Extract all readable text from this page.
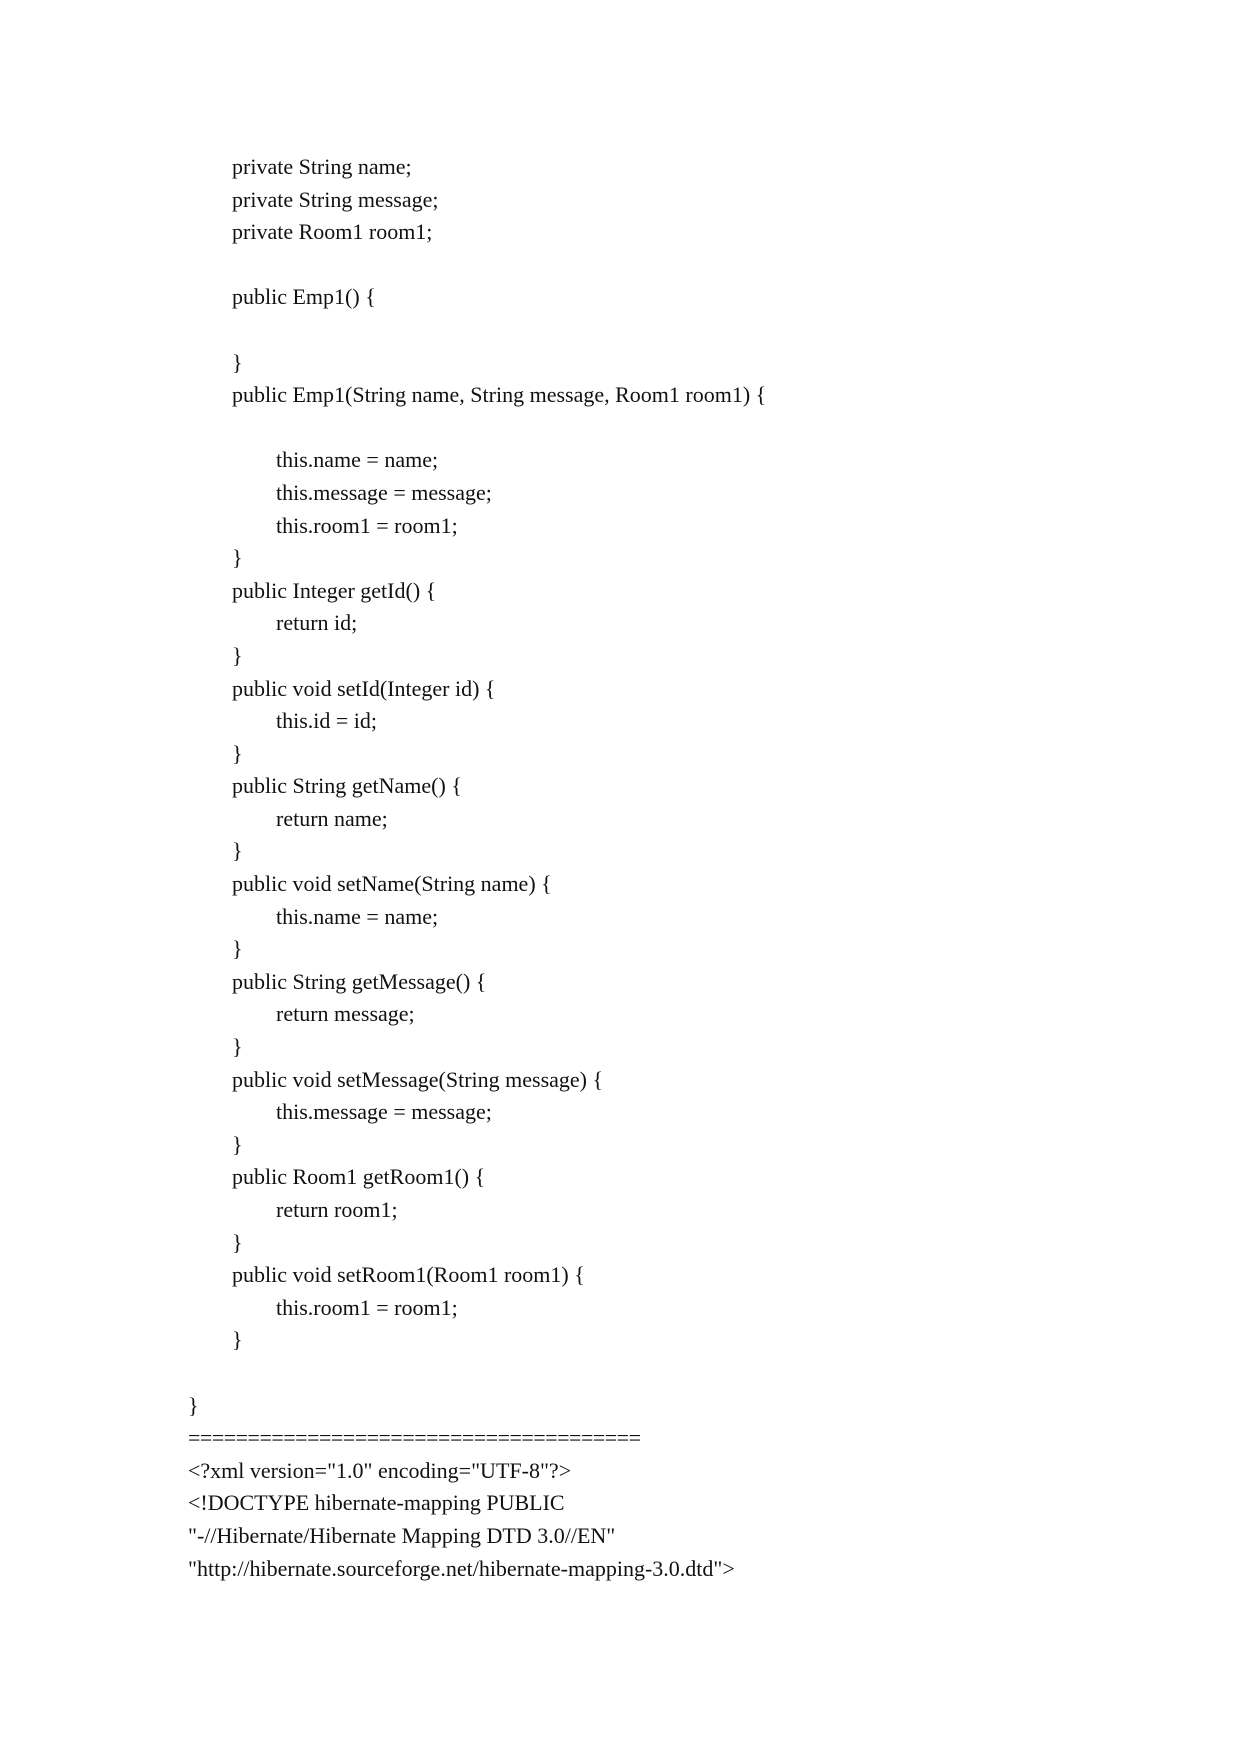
private String name;
private String message;
private Room1 room1;
public Emp1() {
}
public Emp1(String name, String message, Room1 room1) {
this.name = name;
this.message = message;
this.room1 = room1;
}
public Integer getId() {
return id;
}
public void setId(Integer id) {
this.id = id;
}
public String getName() {
return name;
}
public void setName(String name) {
this.name = name;
}
public String getMessage() {
return message;
}
public void setMessage(String message) {
this.message = message;
}
public Room1 getRoom1() {
return room1;
}
public void setRoom1(Room1 room1) {
this.room1 = room1;
}
}
======================================
<?xml version="1.0" encoding="UTF-8"?>
<!DOCTYPE hibernate-mapping PUBLIC
"-//Hibernate/Hibernate Mapping DTD 3.0//EN"
"http://hibernate.sourceforge.net/hibernate-mapping-3.0.dtd">
